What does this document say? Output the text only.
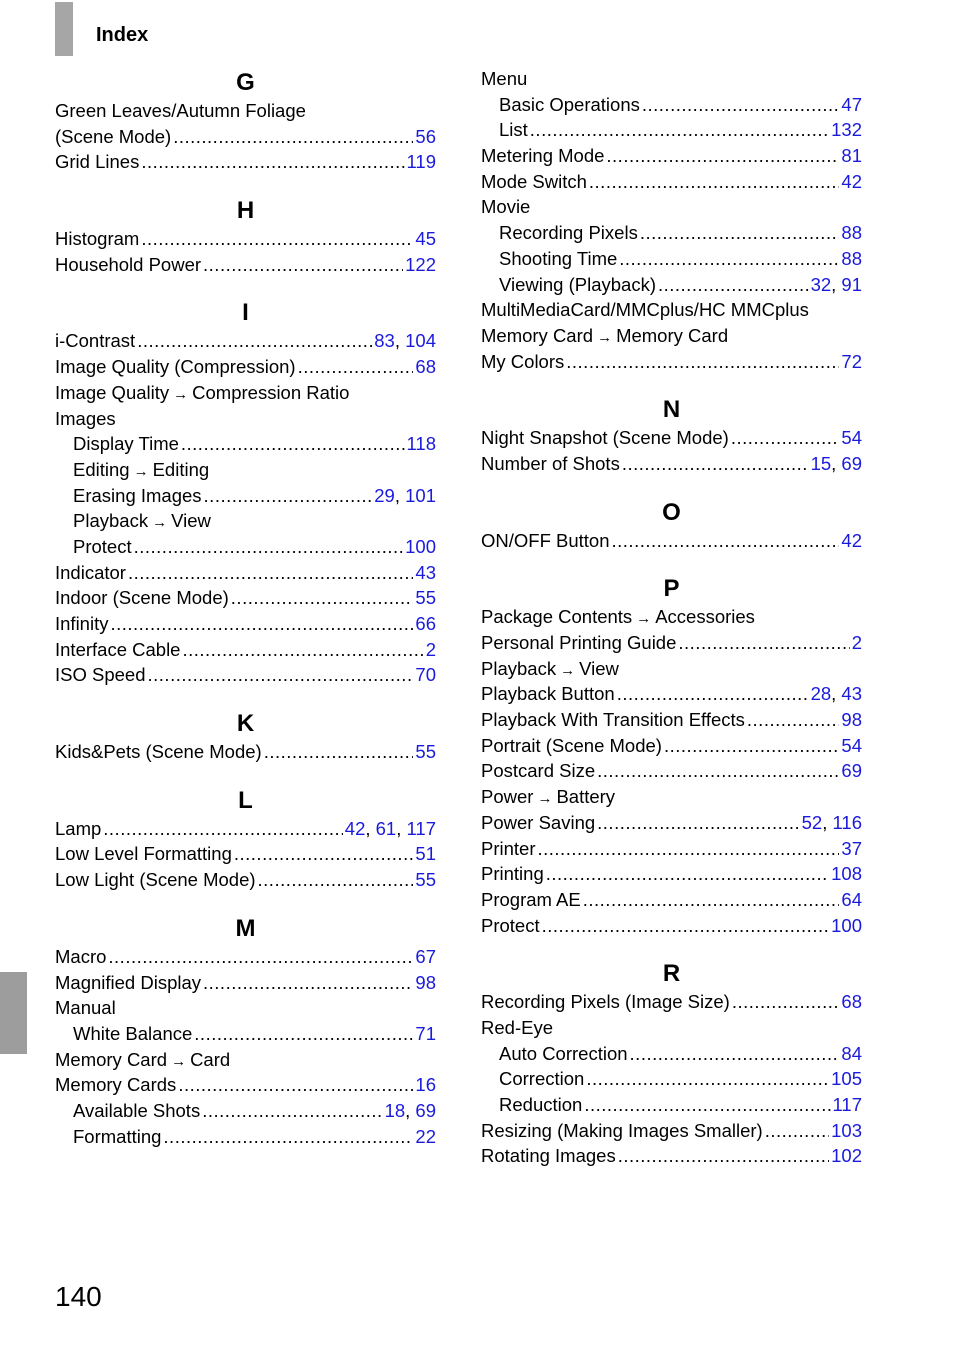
Index
G
Green Leaves/Autumn Foliage
(Scene Mode) .....	56
Grid Lines .....	119
H
Histogram .....	45
Household Power .....	122
I
i-Contrast .....	83, 104
Image Quality (Compression) .....	68
Image Quality → Compression Ratio
Images
Display Time .....	118
Editing → Editing
Erasing Images .....	29, 101
Playback → View
Protect .....	100
Indicator .....	43
Indoor (Scene Mode) .....	55
Infinity .....	66
Interface Cable .....	2
ISO Speed .....	70
K
Kids&Pets (Scene Mode) .....	55
L
Lamp .....	42, 61, 117
Low Level Formatting .....	51
Low Light (Scene Mode) .....	55
M
Macro .....	67
Magnified Display .....	98
Manual
White Balance .....	71
Memory Card → Card
Memory Cards .....	16
Available Shots .....	18, 69
Formatting .....	22
Menu
Basic Operations .....	47
List .....	132
Metering Mode .....	81
Mode Switch .....	42
Movie
Recording Pixels .....	88
Shooting Time .....	88
Viewing (Playback) .....	32, 91
MultiMediaCard/MMCplus/HC MMCplus
Memory Card → Memory Card
My Colors .....	72
N
Night Snapshot (Scene Mode) .....	54
Number of Shots .....	15, 69
O
ON/OFF Button .....	42
P
Package Contents → Accessories
Personal Printing Guide .....	2
Playback → View
Playback Button .....	28, 43
Playback With Transition Effects .....	98
Portrait (Scene Mode) .....	54
Postcard Size .....	69
Power → Battery
Power Saving .....	52, 116
Printer .....	37
Printing .....	108
Program AE .....	64
Protect .....	100
R
Recording Pixels (Image Size) .....	68
Red-Eye
Auto Correction .....	84
Correction .....	105
Reduction .....	117
Resizing (Making Images Smaller) .....	103
Rotating Images .....	102
140
